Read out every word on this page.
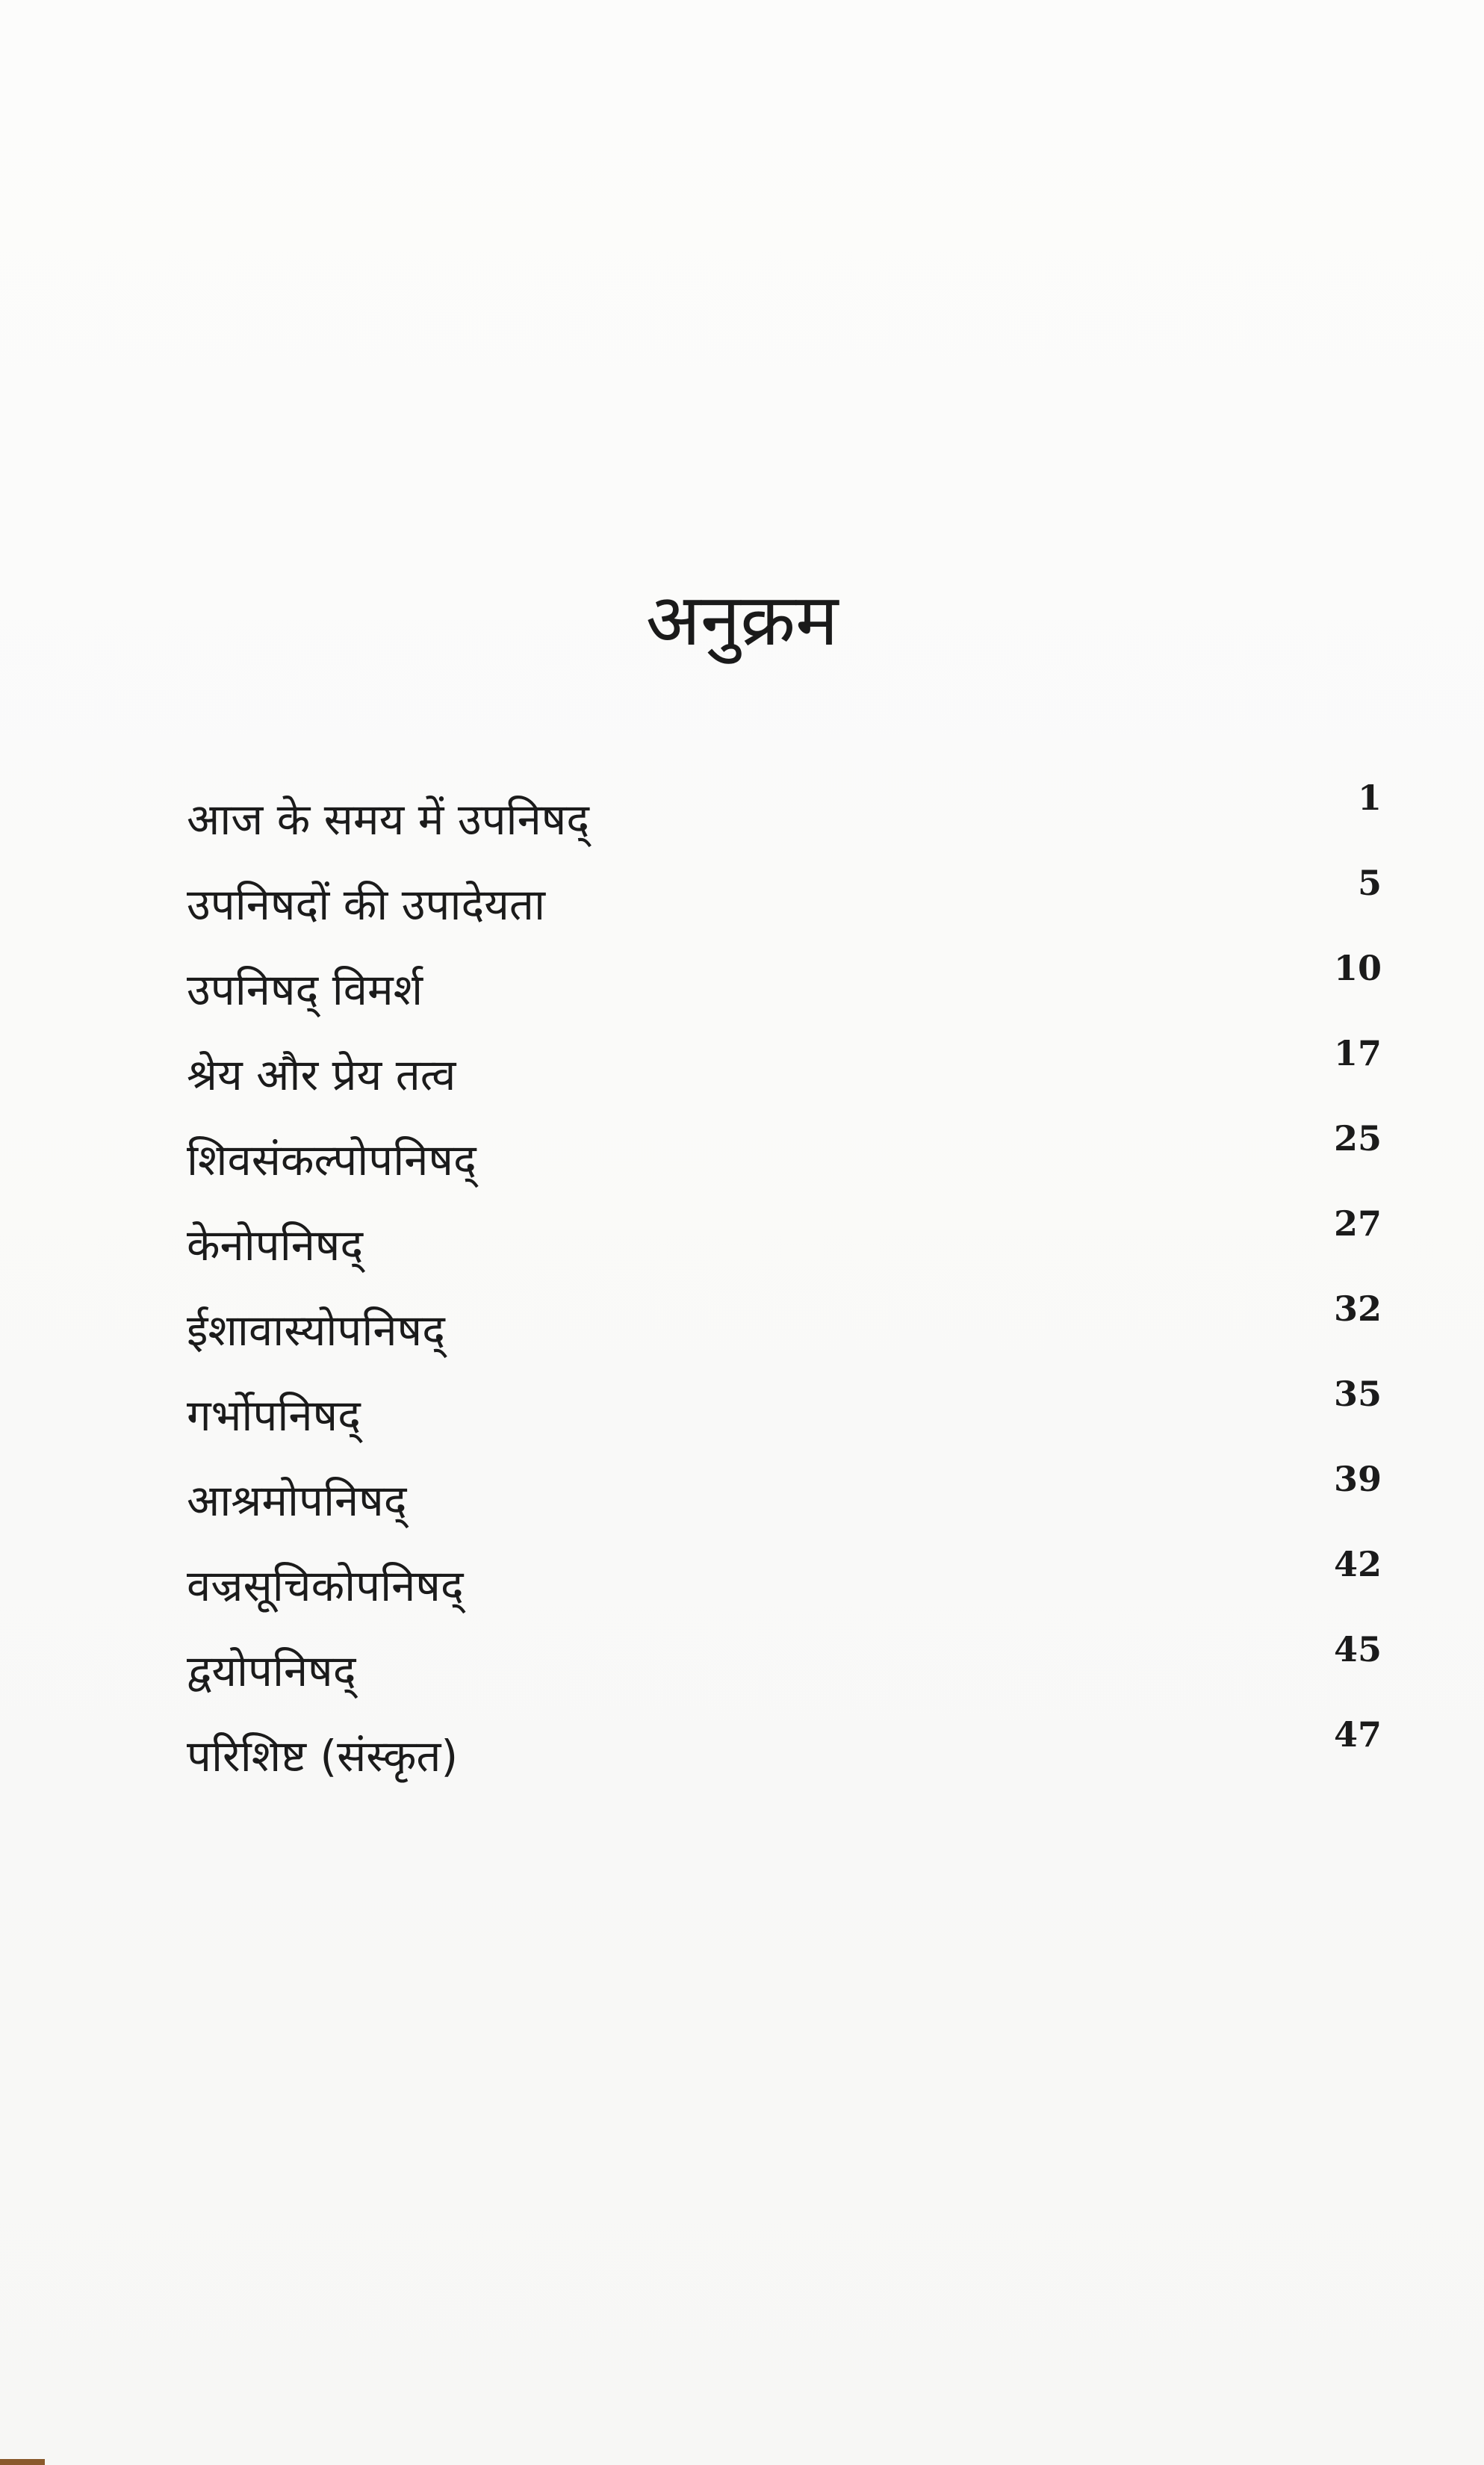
अनुक्रम
आज के समय में उपनिषद्	1
उपनिषदों की उपादेयता	5
उपनिषद् विमर्श	10
श्रेय और प्रेय तत्व	17
शिवसंकल्पोपनिषद्	25
केनोपनिषद्	27
ईशावास्योपनिषद्	32
गर्भोपनिषद्	35
आश्रमोपनिषद्	39
वज्रसूचिकोपनिषद्	42
द्वयोपनिषद्	45
परिशिष्ट (संस्कृत)	47
